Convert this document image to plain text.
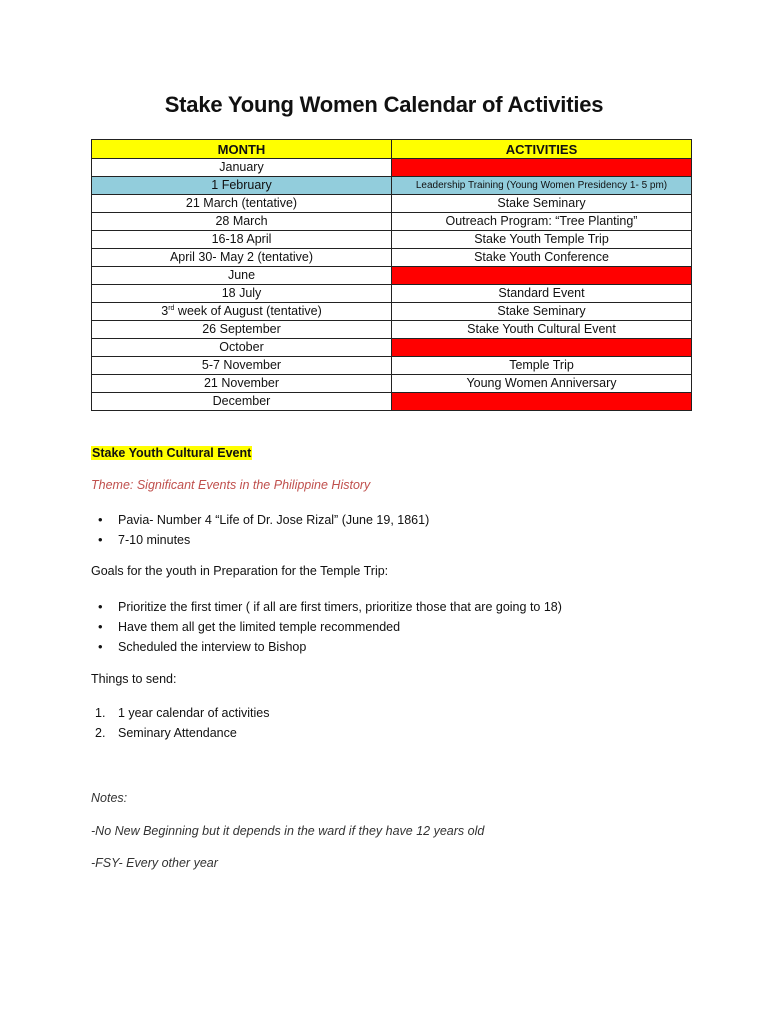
Stake Young Women Calendar of Activities
MONTH	ACTIVITIES
January	
1 February	Leadership Training (Young Women Presidency 1- 5 pm)
21 March (tentative)	Stake Seminary
28 March	Outreach Program: “Tree Planting”
16-18 April	Stake Youth Temple Trip
April 30- May 2 (tentative)	Stake Youth Conference
June	
18 July	Standard Event
3rd week of August (tentative)	Stake Seminary
26 September	Stake Youth Cultural Event
October	
5-7 November	Temple Trip
21 November	Young Women Anniversary
December	
Stake Youth Cultural Event
Theme: Significant Events in the Philippine History
• Pavia- Number 4 “Life of Dr. Jose Rizal” (June 19, 1861)
• 7-10 minutes
Goals for the youth in Preparation for the Temple Trip:
• Prioritize the first timer ( if all are first timers, prioritize those that are going to 18)
• Have them all get the limited temple recommended
• Scheduled the interview to Bishop
Things to send:
1. 1 year calendar of activities
2. Seminary Attendance
Notes:
-No New Beginning but it depends in the ward if they have 12 years old
-FSY- Every other year
